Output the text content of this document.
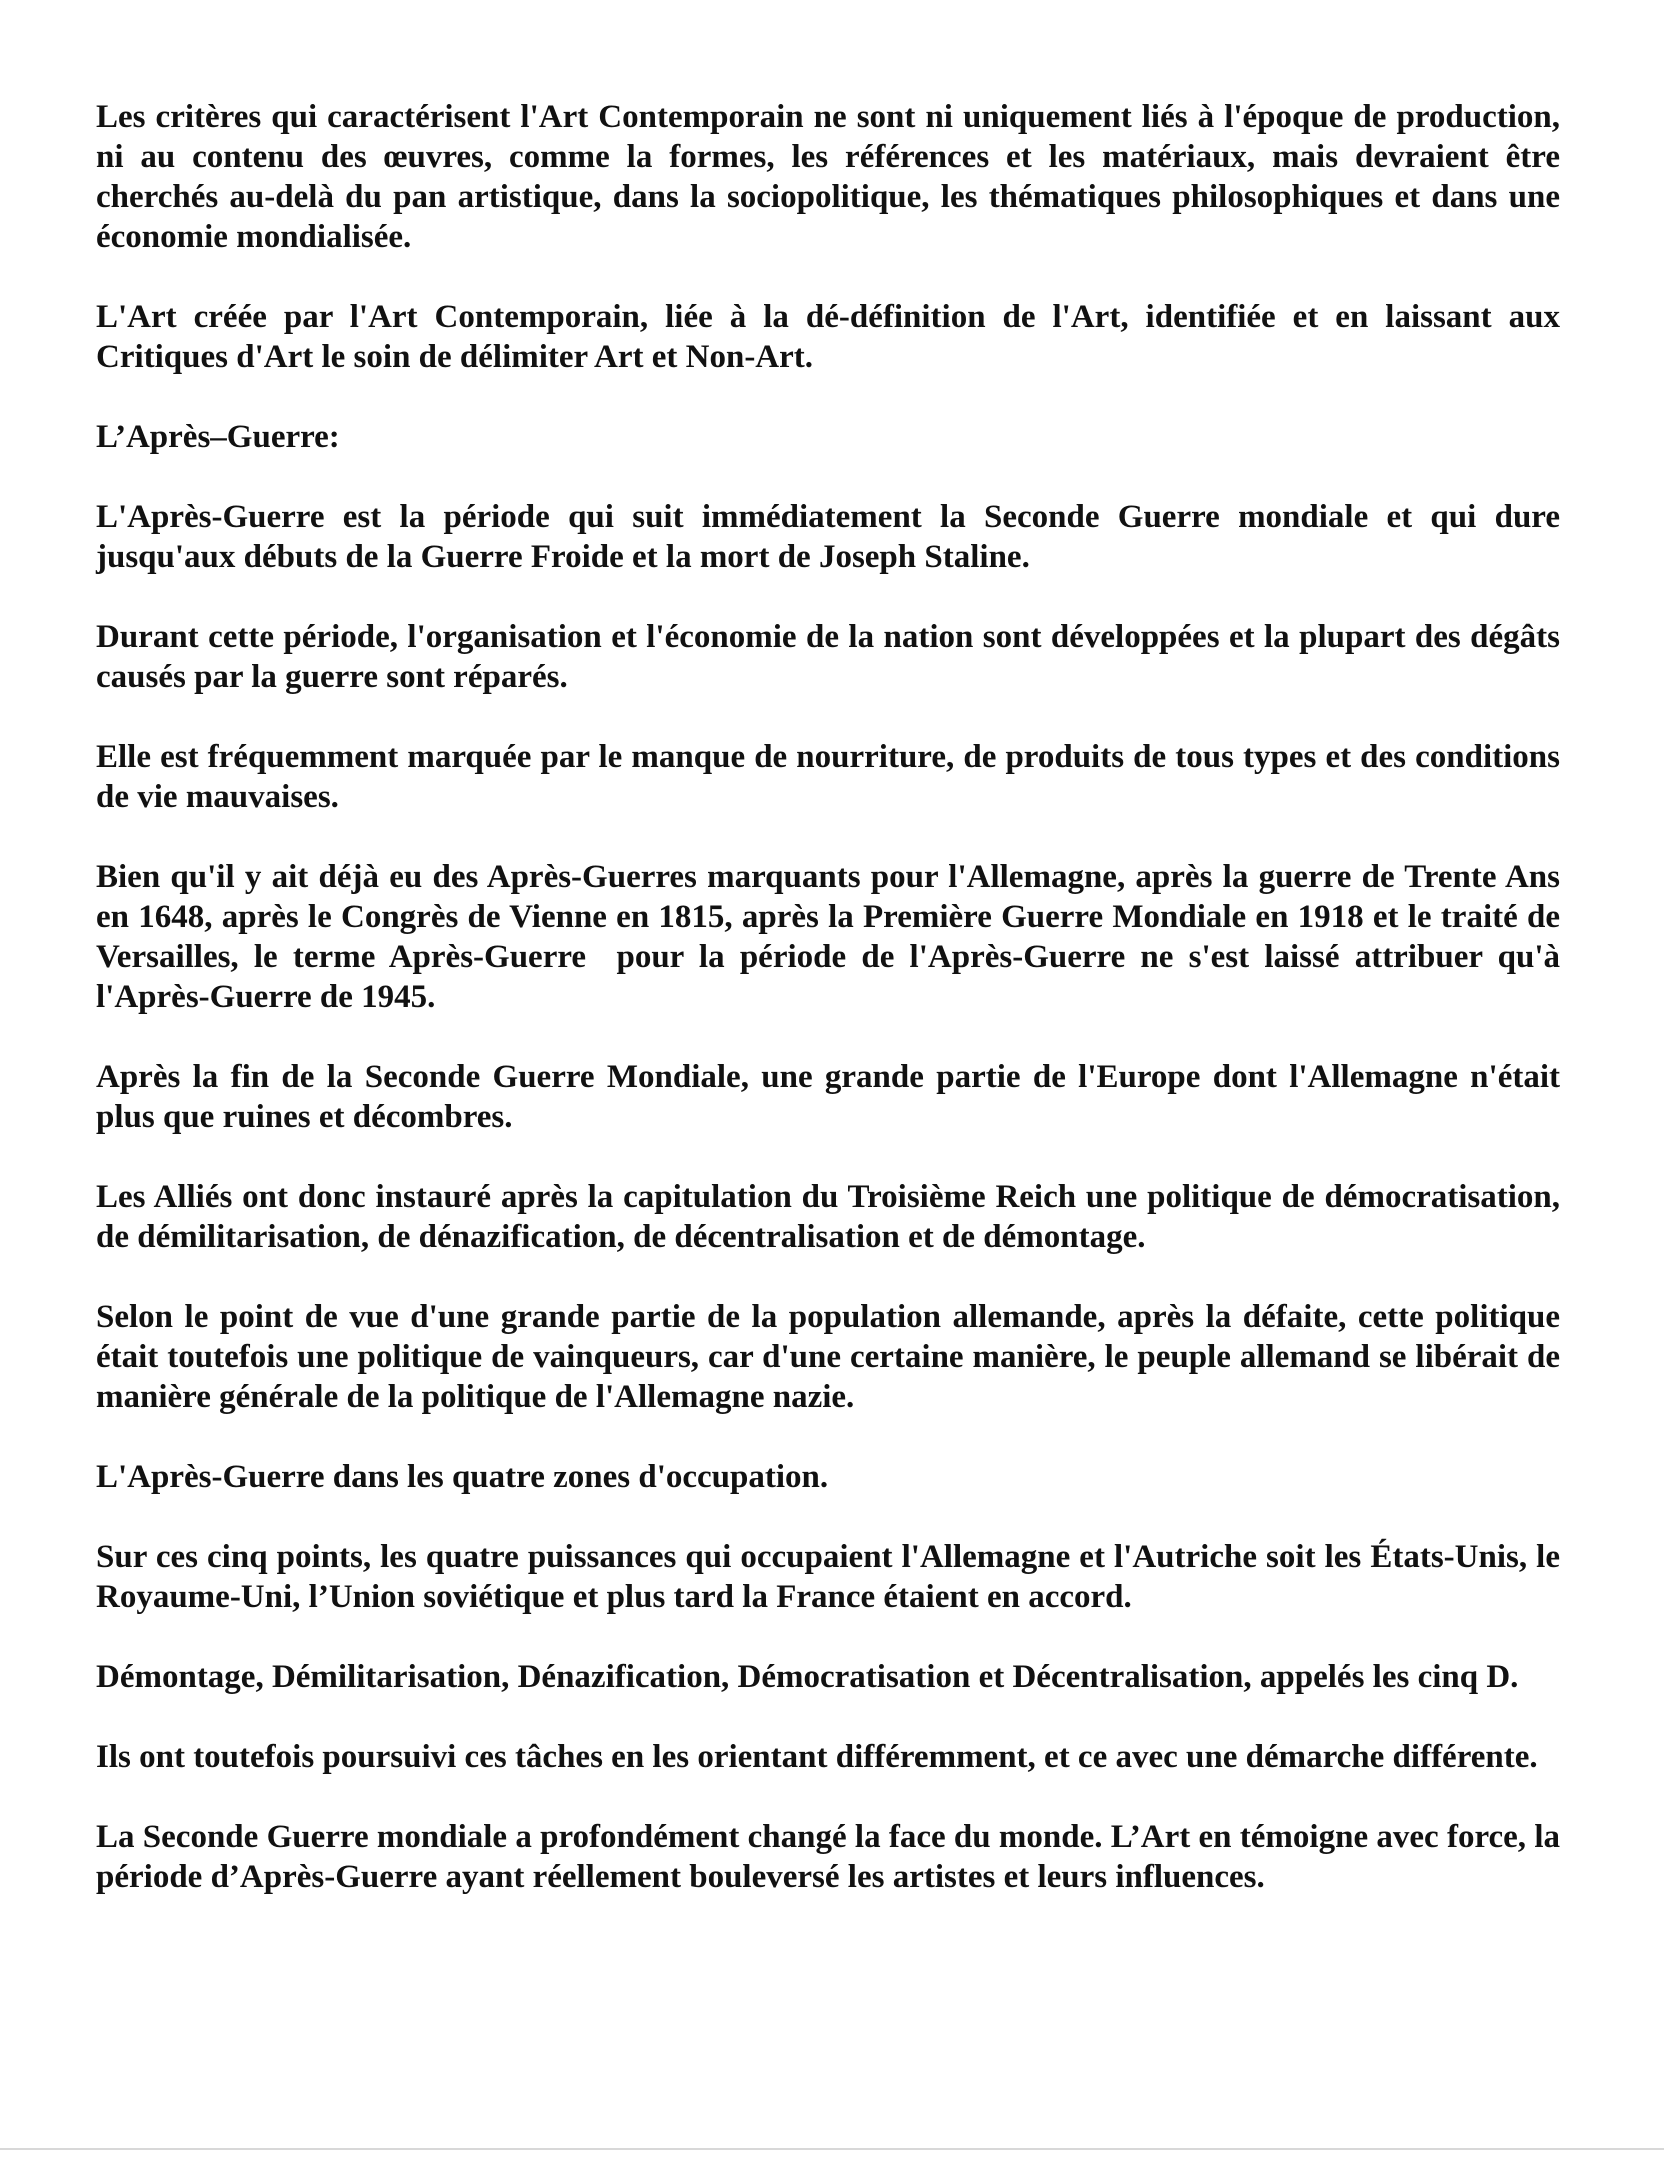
Les critères qui caractérisent l'Art Contemporain ne sont ni uniquement liés à l'époque de production, ni au contenu des œuvres, comme la formes, les références et les matériaux, mais devraient être cherchés au-delà du pan artistique, dans la sociopolitique, les thématiques philosophiques et dans une économie mondialisée.

L'Art créée par l'Art Contemporain, liée à la dé-définition de l'Art, identifiée et en laissant aux Critiques d'Art le soin de délimiter Art et Non-Art.

L’Après–Guerre:

L'Après-Guerre est la période qui suit immédiatement la Seconde Guerre mondiale et qui dure jusqu'aux débuts de la Guerre Froide et la mort de Joseph Staline.

Durant cette période, l'organisation et l'économie de la nation sont développées et la plupart des dégâts causés par la guerre sont réparés.

Elle est fréquemment marquée par le manque de nourriture, de produits de tous types et des conditions de vie mauvaises.

Bien qu'il y ait déjà eu des Après-Guerres marquants pour l'Allemagne, après la guerre de Trente Ans en 1648, après le Congrès de Vienne en 1815, après la Première Guerre Mondiale en 1918 et le traité de Versailles, le terme Après-Guerre  pour la période de l'Après-Guerre ne s'est laissé attribuer qu'à l'Après-Guerre de 1945.

Après la fin de la Seconde Guerre Mondiale, une grande partie de l'Europe dont l'Allemagne n'était plus que ruines et décombres.

Les Alliés ont donc instauré après la capitulation du Troisième Reich une politique de démocratisation, de démilitarisation, de dénazification, de décentralisation et de démontage.

Selon le point de vue d'une grande partie de la population allemande, après la défaite, cette politique était toutefois une politique de vainqueurs, car d'une certaine manière, le peuple allemand se libérait de manière générale de la politique de l'Allemagne nazie.

L'Après-Guerre dans les quatre zones d'occupation.

Sur ces cinq points, les quatre puissances qui occupaient l'Allemagne et l'Autriche soit les États-Unis, le Royaume-Uni, l’Union soviétique et plus tard la France étaient en accord.

Démontage, Démilitarisation, Dénazification, Démocratisation et Décentralisation, appelés les cinq D.

Ils ont toutefois poursuivi ces tâches en les orientant différemment, et ce avec une démarche différente.

La Seconde Guerre mondiale a profondément changé la face du monde. L’Art en témoigne avec force, la période d’Après-Guerre ayant réellement bouleversé les artistes et leurs influences.
